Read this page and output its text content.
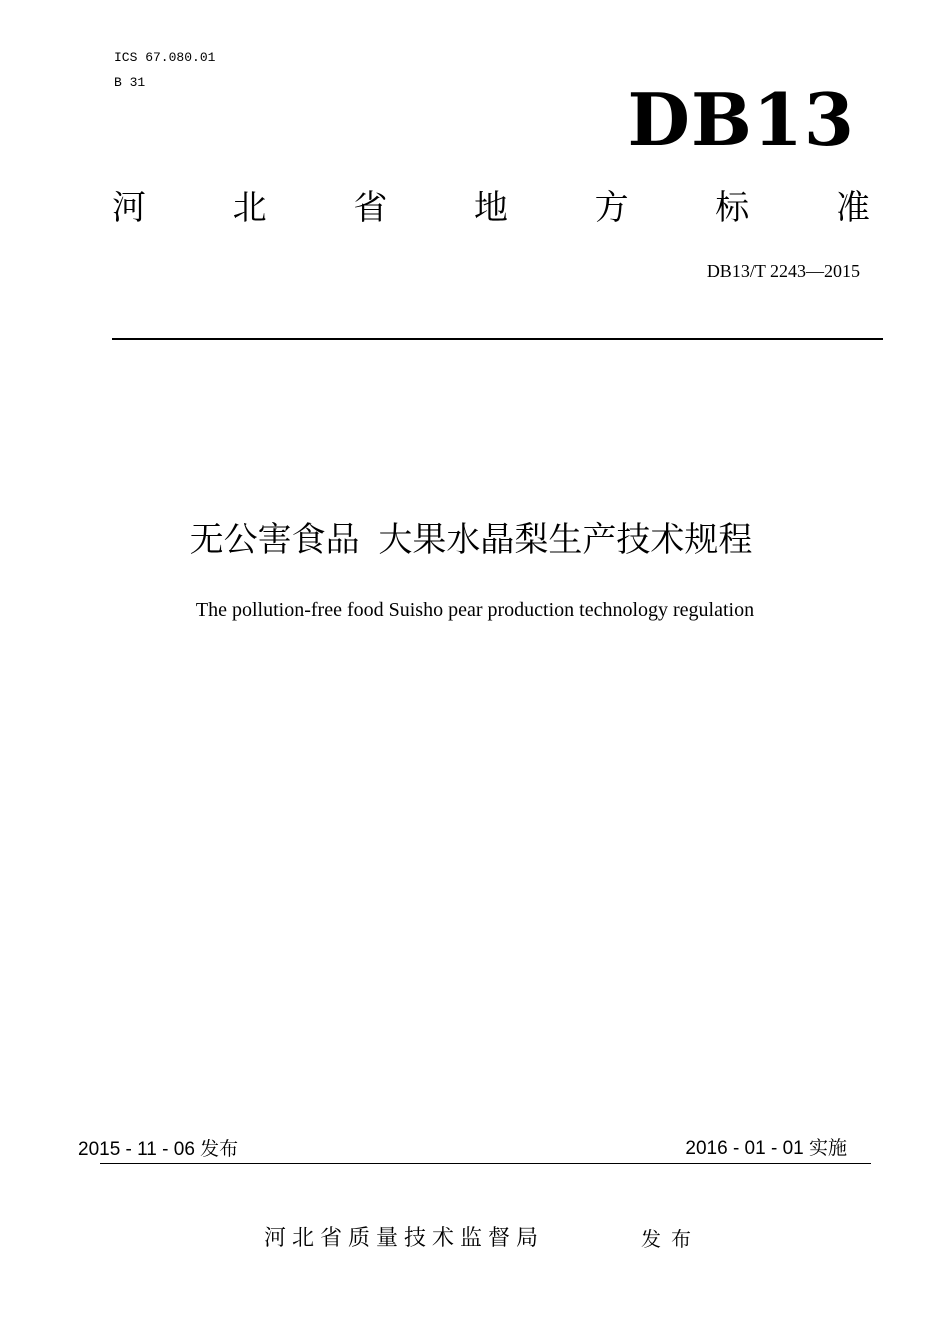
ICS 67.080.01
B 31	DB13
河	北	省	地	方	标	准
DB13/T 2243—2015
无公害食品 大果水晶梨生产技术规程
The pollution-free food Suisho pear production technology regulation
2015 - 11 - 06 发布	2016 - 01 - 01 实施
河北省质量技术监督局	发布
